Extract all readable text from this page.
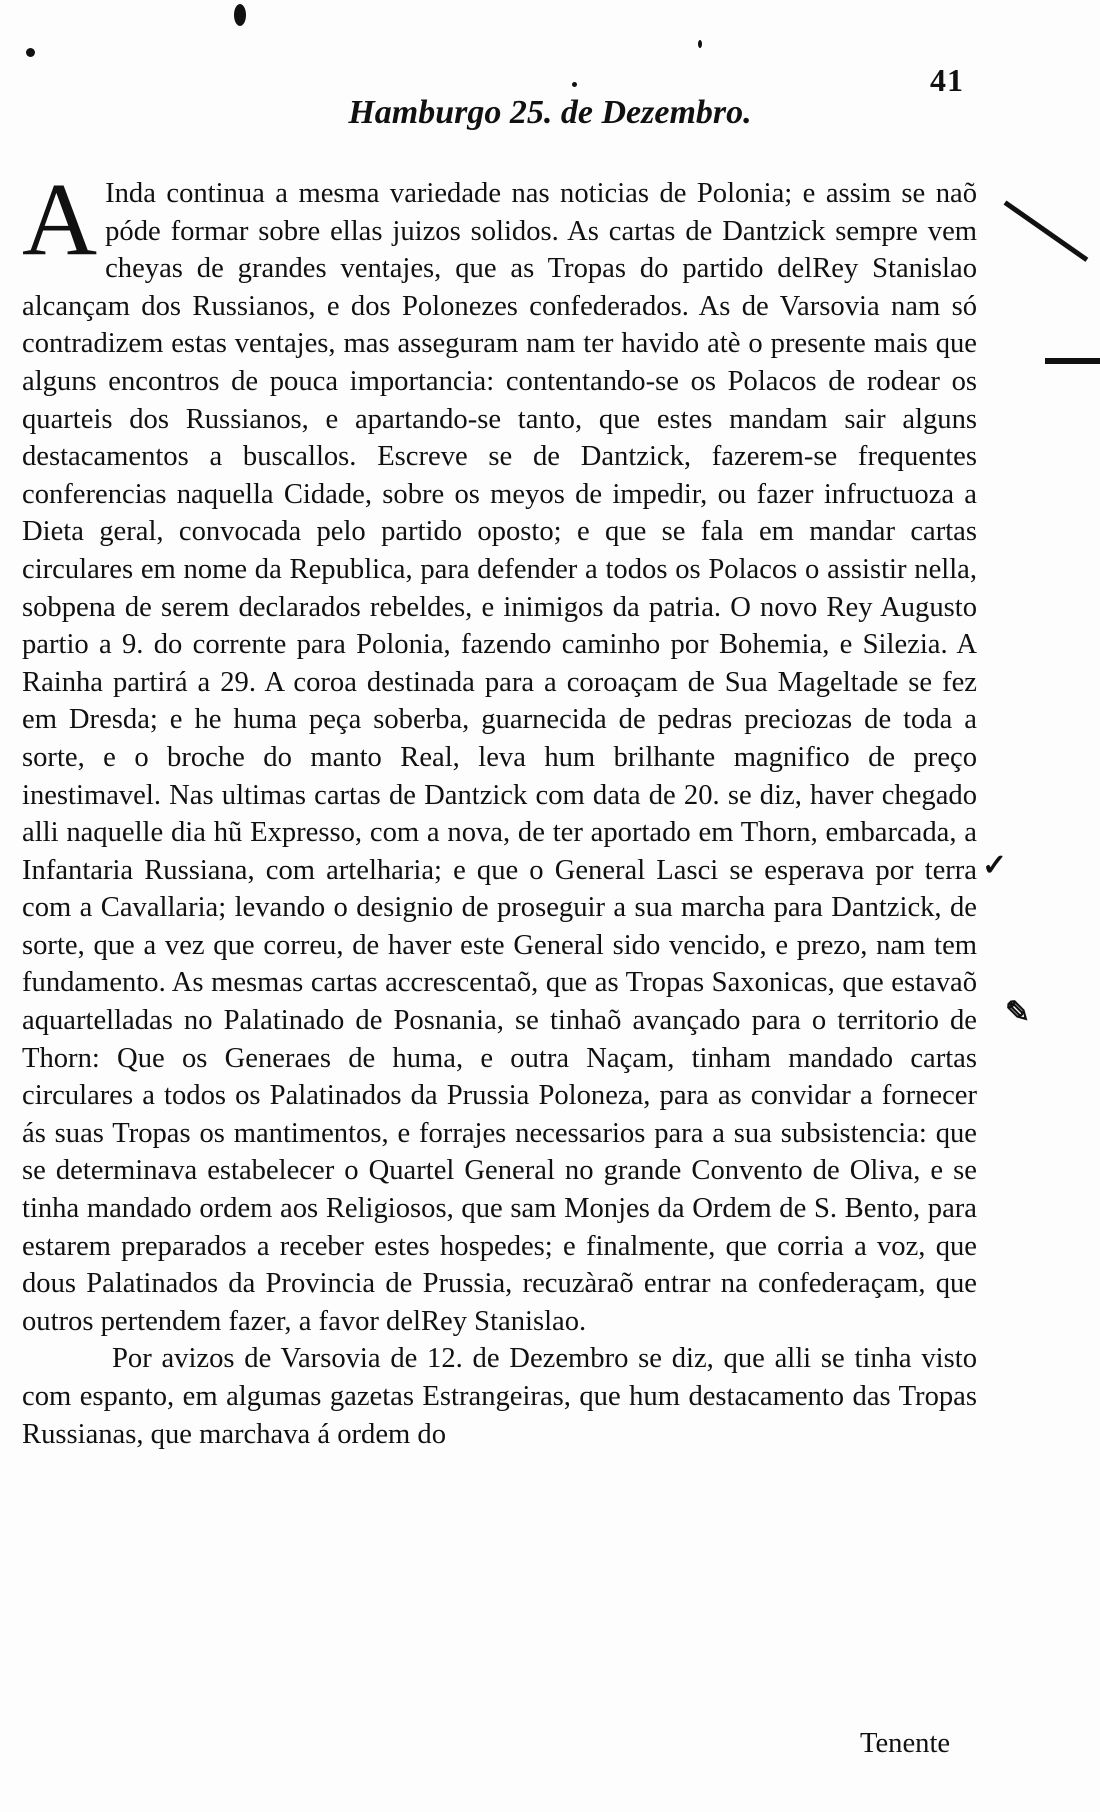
✓
✎
41
Hamburgo 25. de Dezembro.

AInda continua a mesma variedade nas noticias de Polonia; e assim se naõ póde formar sobre ellas juizos solidos. As cartas de Dantzick sempre vem cheyas de grandes ventajes, que as Tropas do partido delRey Stanislao alcançam dos Russianos, e dos Polonezes confederados. As de Varsovia nam só contradizem estas ventajes, mas asseguram nam ter havido atè o presente mais que alguns encontros de pouca importancia: contentando-se os Polacos de rodear os quarteis dos Russianos, e apartando-se tanto, que estes mandam sair alguns destacamentos a buscallos. Escreve se de Dantzick, fazerem-se frequentes conferencias naquella Cidade, sobre os meyos de impedir, ou fazer infructuoza a Dieta geral, convocada pelo partido oposto; e que se fala em mandar cartas circulares em nome da Republica, para defender a todos os Polacos o assistir nella, sobpena de serem declarados rebeldes, e inimigos da patria. O novo Rey Augusto partio a 9. do corrente para Polonia, fazendo caminho por Bohemia, e Silezia. A Rainha partirá a 29. A coroa destinada para a coroaçam de Sua Mageltade se fez em Dresda; e he huma peça soberba, guarnecida de pedras preciozas de toda a sorte, e o broche do manto Real, leva hum brilhante magnifico de preço inestimavel. Nas ultimas cartas de Dantzick com data de 20. se diz, haver chegado alli naquelle dia hũ Expresso, com a nova, de ter aportado em Thorn, embarcada, a Infantaria Russiana, com artelharia; e que o General Lasci se esperava por terra com a Cavallaria; levando o designio de proseguir a sua marcha para Dantzick, de sorte, que a vez que correu, de haver este General sido vencido, e prezo, nam tem fundamento. As mesmas cartas accrescentaõ, que as Tropas Saxonicas, que estavaõ aquartelladas no Palatinado de Posnania, se tinhaõ avançado para o territorio de Thorn: Que os Generaes de huma, e outra Naçam, tinham mandado cartas circulares a todos os Palatinados da Prussia Poloneza, para as convidar a fornecer ás suas Tropas os mantimentos, e forrajes necessarios para a sua subsistencia: que se determinava estabelecer o Quartel General no grande Convento de Oliva, e se tinha mandado ordem aos Religiosos, que sam Monjes da Ordem de S. Bento, para estarem preparados a receber estes hospedes; e finalmente, que corria a voz, que dous Palatinados da Provincia de Prussia, recuzàraõ entrar na confederaçam, que outros pertendem fazer, a favor delRey Stanislao.

Por avizos de Varsovia de 12. de Dezembro se diz, que alli se tinha visto com espanto, em algumas gazetas Estrangeiras, que hum destacamento das Tropas Russianas, que marchava á ordem do

Tenente
